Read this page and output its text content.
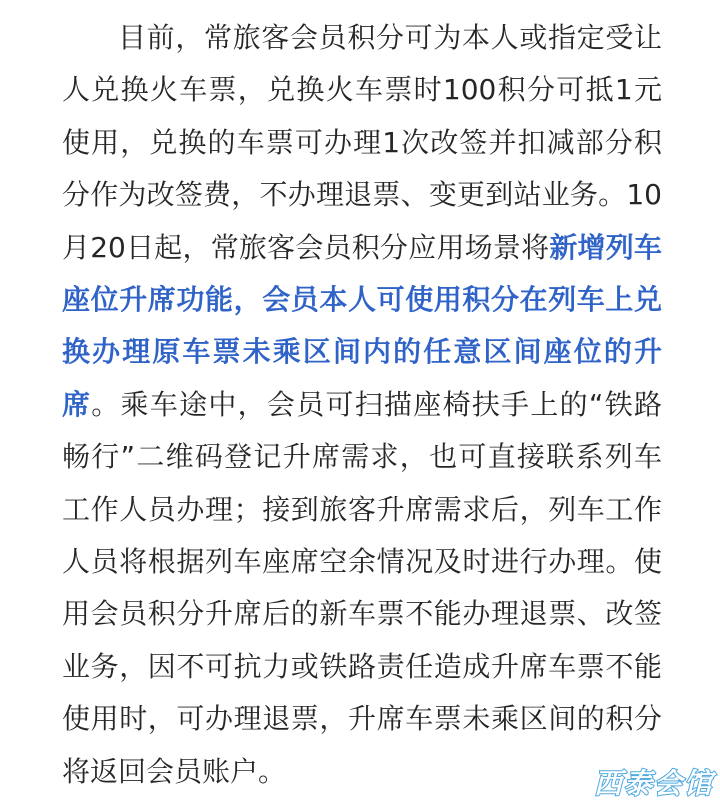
目前，常旅客会员积分可为本人或指定受让人兑换火车票，兑换火车票时100积分可抵1元使用，兑换的车票可办理1次改签并扣减部分积分作为改签费，不办理退票、变更到站业务。10月20日起，常旅客会员积分应用场景将新增列车座位升席功能，会员本人可使用积分在列车上兑换办理原车票未乘区间内的任意区间座位的升席。乘车途中，会员可扫描座椅扶手上的“铁路畅行”二维码登记升席需求，也可直接联系列车工作人员办理；接到旅客升席需求后，列车工作人员将根据列车座席空余情况及时进行办理。使用会员积分升席后的新车票不能办理退票、改签业务，因不可抗力或铁路责任造成升席车票不能使用时，可办理退票，升席车票未乘区间的积分将返回会员账户。	西泰会馆
